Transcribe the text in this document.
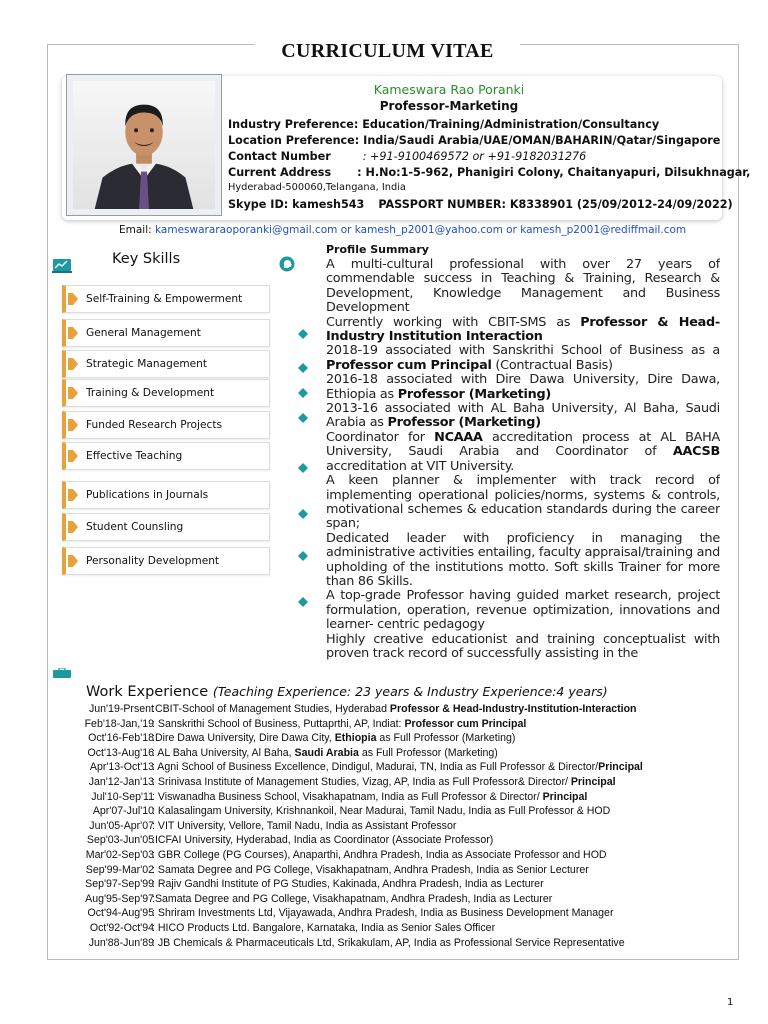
CURRICULUM VITAE
Kameswara Rao Poranki
Professor-Marketing
Industry Preference: Education/Training/Administration/Consultancy
Location Preference: India/Saudi Arabia/UAE/OMAN/BAHARIN/Qatar/Singapore
Contact Number	: +91-9100469572 or +91-9182031276
Current Address : H.No:1-5-962, Phanigiri Colony, Chaitanyapuri, Dilsukhnagar,
Hyderabad-500060,Telangana, India
Skype ID: kamesh543 PASSPORT NUMBER: K8338901 (25/09/2012-24/09/2022)
Email: kameswararaoporanki@gmail.com or kamesh_p2001@yahoo.com or kamesh_p2001@rediffmail.com
Key Skills
Self-Training & Empowerment
General Management
Strategic Management
Training & Development
Funded Research Projects
Effective Teaching
Publications in Journals
Student Counsling
Personality Development
Profile Summary

A multi-cultural professional with over 27 years of commendable success in Teaching & Training, Research & Development, Knowledge Management and Business Development

Currently working with CBIT-SMS as Professor & Head-Industry Institution Interaction

2018-19 associated with Sanskrithi School of Business as a Professor cum Principal (Contractual Basis)

2016-18 associated with Dire Dawa University, Dire Dawa, Ethiopia as Professor (Marketing)

2013-16 associated with AL Baha University, Al Baha, Saudi Arabia as Professor (Marketing)

Coordinator for NCAAA accreditation process at AL BAHA University, Saudi Arabia and Coordinator of AACSB accreditation at VIT University.

A keen planner & implementer with track record of implementing operational policies/norms, systems & controls, motivational schemes & education standards during the career span;

Dedicated leader with proficiency in managing the administrative activities entailing, faculty appraisal/training and upholding of the institutions motto. Soft skills Trainer for more than 86 Skills.

A top-grade Professor having guided market research, project formulation, operation, revenue optimization, innovations and learner- centric pedagogy

Highly creative educationist and training conceptualist with proven track record of successfully assisting in the

Work Experience (Teaching Experience: 23 years & Industry Experience:4 years)
Jun'19-Prsent
:CBIT-School of Management Studies, Hyderabad Professor & Head-Industry-Institution-Interaction
Feb'18-Jan,'19
: Sanskrithi School of Business, Puttaprthi, AP, Indiat: Professor cum Principal
Oct'16-Feb'18
:Dire Dawa University, Dire Dawa City, Ethiopia as Full Professor (Marketing)
Oct'13-Aug'16
: AL Baha University, Al Baha, Saudi Arabia as Full Professor (Marketing)
Apr'13-Oct'13
: Agni School of Business Excellence, Dindigul, Madurai, TN, India as Full Professor & Director/Principal
Jan'12-Jan'13
: Srinivasa Institute of Management Studies, Vizag, AP, India as Full Professor& Director/ Principal
Jul'10-Sep'11
: Viswanadha Business School, Visakhapatnam, India as Full Professor & Director/ Principal
Apr'07-Jul'10
: Kalasalingam University, Krishnankoil, Near Madurai, Tamil Nadu, India as Full Professor & HOD
Jun'05-Apr'07
: VIT University, Vellore, Tamil Nadu, India as Assistant Professor
Sep'03-Jun'05
:ICFAI University, Hyderabad, India as Coordinator (Associate Professor)
Mar'02-Sep'03
: GBR College (PG Courses), Anaparthi, Andhra Pradesh, India as Associate Professor and HOD
Sep'99-Mar'02
: Samata Degree and PG College, Visakhapatnam, Andhra Pradesh, India as Senior Lecturer
Sep'97-Sep'99
: Rajiv Gandhi Institute of PG Studies, Kakinada, Andhra Pradesh, India as Lecturer
Aug'95-Sep'97
:Samata Degree and PG College, Visakhapatnam, Andhra Pradesh, India as Lecturer
Oct'94-Aug'95
: Shriram Investments Ltd, Vijayawada, Andhra Pradesh, India as Business Development Manager
Oct'92-Oct'94
: HICO Products Ltd. Bangalore, Karnataka, India as Senior Sales Officer
Jun'88-Jun'89
: JB Chemicals & Pharmaceuticals Ltd, Srikakulam, AP, India as Professional Service Representative
1
